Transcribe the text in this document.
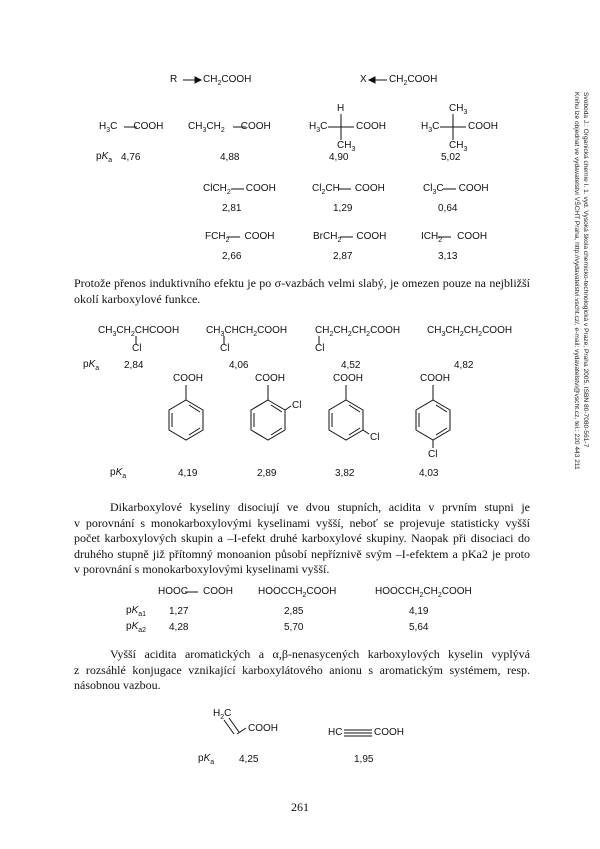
Svoboda J.: Organická chemie I. 1. vyd. Vysoká škola chemicko-technologická v Praze, Praha 2005. ISBN 80-7080-561-7
Knihu lze objednat ve vydavatelství VŠCHT Praha, http://vydavatelstvi.vscht.cz/, e-mail: vydavatelstvi@vscht.cz, tel.: 220 443 211
R	$CH_2COOH$	X $CH_2COOH$
$H_3C$ COOH $CH_3CH_2$ COOH
H
$H_3C$	COOH
$CH_3$
$CH_3$
$H_3C$	COOH
$CH_3$
$pK_a$ 4,76	4,88	4,90	5,02
ClCH$_2$ COOH	$Cl_2CH$ COOH	$Cl_3C$ COOH
2,81	1,29	0,64
$FCH_2$ COOH	BrCH$_2$ COOH	$ICH_2$ COOH
2,66	2,87	3,13
Protože přenos induktivního efektu je po σ-vazbách velmi slabý, je omezen pouze na nejbližší
okolí karboxylové funkce.
$CH_3CH_2CHCOOH$	$CH_3CHCH_2COOH$	$CH_2CH_2CH_2COOH$	$CH_3CH_2CH_2COOH$
Cl	Cl	Cl
$pK_a$ 2,84	4,06	4,52	4,82
COOH	COOH	COOH	COOH
Cl
Cl
Cl
$pK_a$	4,19	2,89	3,82	4,03
Dikarboxylové kyseliny disociují ve dvou stupních, acidita v prvním stupni je
v porovnání s monokarboxylovými kyselinami vyšší, neboť se projevuje statisticky vyšší
počet karboxylových skupin a –I-efekt druhé karboxylové skupiny. Naopak při disociaci do
druhého stupně již přítomný monoanion působí nepříznivě svým –I-efektem a pKa2 je proto
v porovnání s monokarboxylovými kyselinami vyšší.
HOOC COOH	$HOOCCH_2COOH$	$HOOCCH_2CH_2COOH$
$pK_{a1}$ 1,27	2,85	4,19
$pK_{a2}$ 4,28	5,70	5,64
Vyšší acidita aromatických a α,β-nenasycených karboxylových kyselin vyplývá
z rozsáhlé konjugace vznikající karboxylátového anionu s aromatickým systémem, resp.
násobnou vazbou.
$H_2C$
COOH	HC	COOH
$pK_a$ 4,25	1,95
261
